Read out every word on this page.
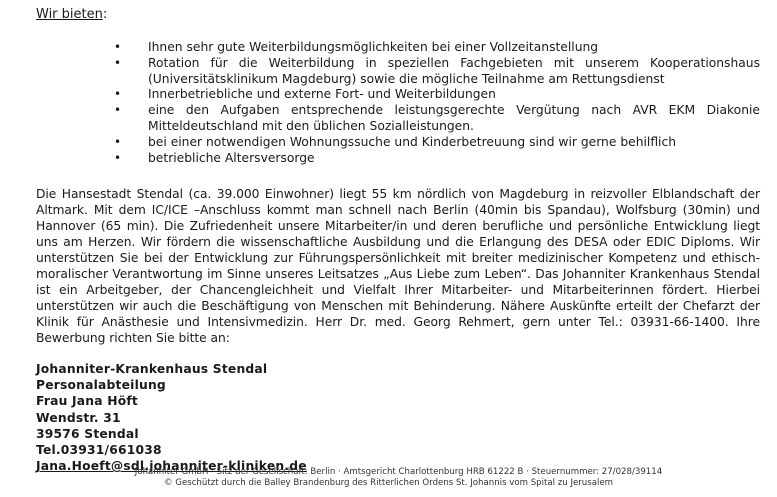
Wir bieten:
• Ihnen sehr gute Weiterbildungsmöglichkeiten bei einer Vollzeitanstellung
• Rotation für die Weiterbildung in speziellen Fachgebieten mit unserem Kooperationshaus (Universitätsklinikum Magdeburg) sowie die mögliche Teilnahme am Rettungsdienst
• Innerbetriebliche und externe Fort- und Weiterbildungen
• eine den Aufgaben entsprechende leistungsgerechte Vergütung nach AVR EKM Diakonie Mitteldeutschland mit den üblichen Sozialleistungen.
• bei einer notwendigen Wohnungssuche und Kinderbetreuung sind wir gerne behilflich
• betriebliche Altersversorge
Die Hansestadt Stendal (ca. 39.000 Einwohner) liegt 55 km nördlich von Magdeburg in reizvoller Elblandschaft der Altmark. Mit dem IC/ICE –Anschluss kommt man schnell nach Berlin (40min bis Spandau), Wolfsburg (30min) und Hannover (65 min). Die Zufriedenheit unsere Mitarbeiter/in und deren berufliche und persönliche Entwicklung liegt uns am Herzen. Wir fördern die wissenschaftliche Ausbildung und die Erlangung des DESA oder EDIC Diploms. Wir unterstützen Sie bei der Entwicklung zur Führungspersönlichkeit mit breiter medizinischer Kompetenz und ethisch-moralischer Verantwortung im Sinne unseres Leitsatzes „Aus Liebe zum Leben“. Das Johanniter Krankenhaus Stendal ist ein Arbeitgeber, der Chancengleichheit und Vielfalt Ihrer Mitarbeiter- und Mitarbeiterinnen fördert. Hierbei unterstützen wir auch die Beschäftigung von Menschen mit Behinderung. Nähere Auskünfte erteilt der Chefarzt der Klinik für Anästhesie und Intensivmedizin. Herr Dr. med. Georg Rehmert, gern unter Tel.: 03931-66-1400. Ihre Bewerbung richten Sie bitte an:
Johanniter-Krankenhaus Stendal
Personalabteilung
Frau Jana Höft
Wendstr. 31
39576 Stendal
Tel.03931/661038
Jana.Hoeft@sdl.johanniter-kliniken.de
Johanniter GmbH · Sitz der Gesellschaft: Berlin · Amtsgericht Charlottenburg HRB 61222 B · Steuernummer: 27/028/39114
© Geschützt durch die Balley Brandenburg des Ritterlichen Ordens St. Johannis vom Spital zu Jerusalem
